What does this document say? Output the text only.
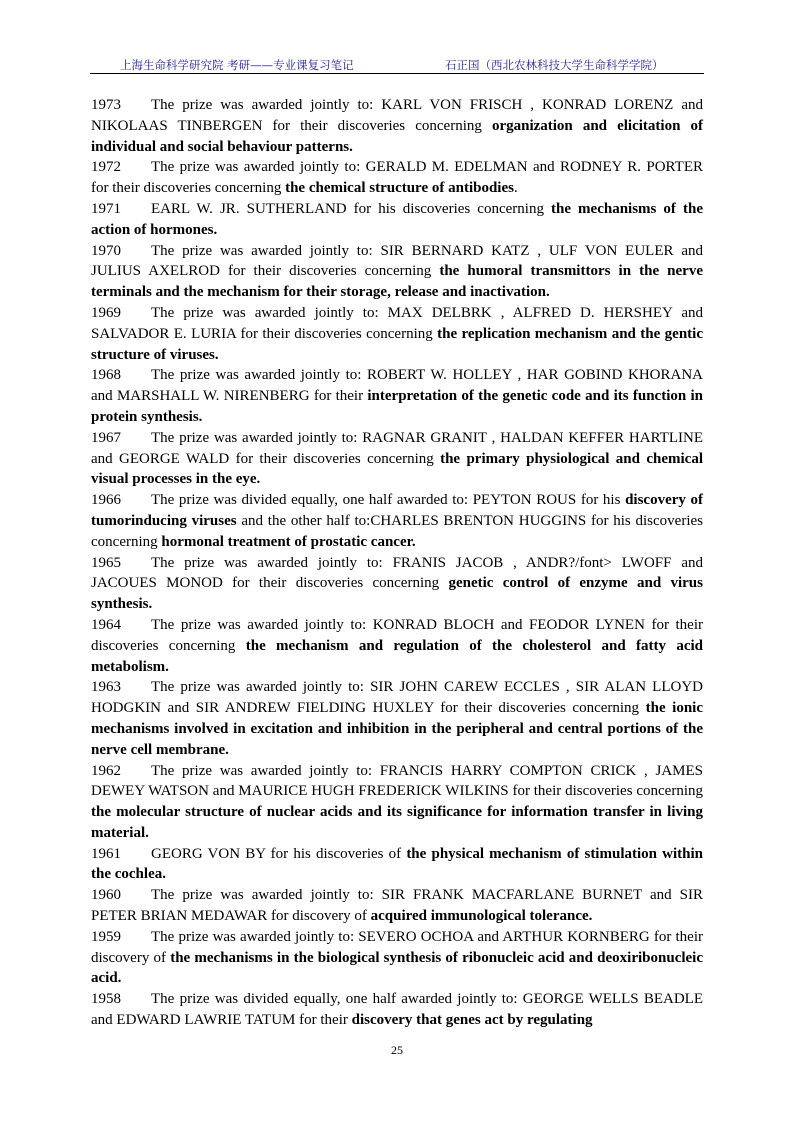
上海生命科学研究院 考研——专业课复习笔记	石正国（西北农林科技大学生命科学学院）

1973 The prize was awarded jointly to: KARL VON FRISCH , KONRAD LORENZ and NIKOLAAS TINBERGEN for their discoveries concerning organization and elicitation of individual and social behaviour patterns.

1972 The prize was awarded jointly to: GERALD M. EDELMAN and RODNEY R. PORTER for their discoveries concerning the chemical structure of antibodies.

1971 EARL W. JR. SUTHERLAND for his discoveries concerning the mechanisms of the action of hormones.

1970 The prize was awarded jointly to: SIR BERNARD KATZ , ULF VON EULER and JULIUS AXELROD for their discoveries concerning the humoral transmittors in the nerve terminals and the mechanism for their storage, release and inactivation.

1969 The prize was awarded jointly to: MAX DELBRK , ALFRED D. HERSHEY and SALVADOR E. LURIA for their discoveries concerning the replication mechanism and the gentic structure of viruses.

1968 The prize was awarded jointly to: ROBERT W. HOLLEY , HAR GOBIND KHORANA and MARSHALL W. NIRENBERG for their interpretation of the genetic code and its function in protein synthesis.

1967 The prize was awarded jointly to: RAGNAR GRANIT , HALDAN KEFFER HARTLINE and GEORGE WALD for their discoveries concerning the primary physiological and chemical visual processes in the eye.

1966 The prize was divided equally, one half awarded to: PEYTON ROUS for his discovery of tumorinducing viruses and the other half to:CHARLES BRENTON HUGGINS for his discoveries concerning hormonal treatment of prostatic cancer.

1965 The prize was awarded jointly to: FRANIS JACOB , ANDR?/font> LWOFF and JACOUES MONOD for their discoveries concerning genetic control of enzyme and virus synthesis.

1964 The prize was awarded jointly to: KONRAD BLOCH and FEODOR LYNEN for their discoveries concerning the mechanism and regulation of the cholesterol and fatty acid metabolism.

1963 The prize was awarded jointly to: SIR JOHN CAREW ECCLES , SIR ALAN LLOYD HODGKIN and SIR ANDREW FIELDING HUXLEY for their discoveries concerning the ionic mechanisms involved in excitation and inhibition in the peripheral and central portions of the nerve cell membrane.

1962 The prize was awarded jointly to: FRANCIS HARRY COMPTON CRICK , JAMES DEWEY WATSON and MAURICE HUGH FREDERICK WILKINS for their discoveries concerning the molecular structure of nuclear acids and its significance for information transfer in living material.

1961 GEORG VON BY for his discoveries of the physical mechanism of stimulation within the cochlea.

1960 The prize was awarded jointly to: SIR FRANK MACFARLANE BURNET and SIR PETER BRIAN MEDAWAR for discovery of acquired immunological tolerance.

1959 The prize was awarded jointly to: SEVERO OCHOA and ARTHUR KORNBERG for their discovery of the mechanisms in the biological synthesis of ribonucleic acid and deoxiribonucleic acid.

1958 The prize was divided equally, one half awarded jointly to: GEORGE WELLS BEADLE and EDWARD LAWRIE TATUM for their discovery that genes act by regulating

25
